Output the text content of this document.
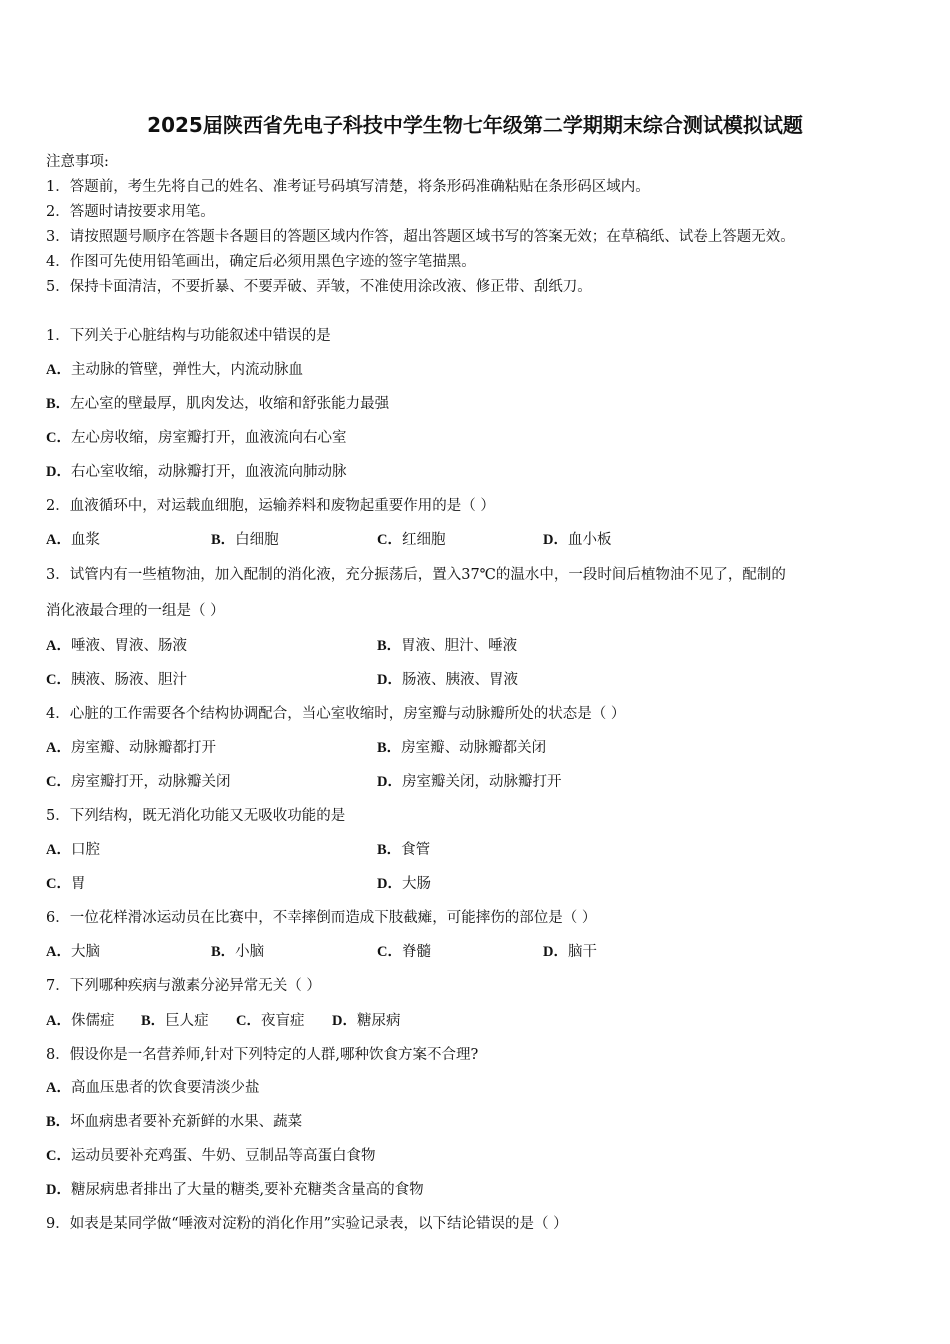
2025届陕西省先电子科技中学生物七年级第二学期期末综合测试模拟试题
注意事项:
1．答题前，考生先将自己的姓名、准考证号码填写清楚，将条形码准确粘贴在条形码区域内。
2．答题时请按要求用笔。
3．请按照题号顺序在答题卡各题目的答题区域内作答，超出答题区域书写的答案无效；在草稿纸、试卷上答题无效。
4．作图可先使用铅笔画出，确定后必须用黑色字迹的签字笔描黑。
5．保持卡面清洁，不要折暴、不要弄破、弄皱，不准使用涂改液、修正带、刮纸刀。
1．下列关于心脏结构与功能叙述中错误的是
A．主动脉的管壁，弹性大，内流动脉血
B．左心室的壁最厚，肌肉发达，收缩和舒张能力最强
C．左心房收缩，房室瓣打开，血液流向右心室
D．右心室收缩，动脉瓣打开，血液流向肺动脉
2．血液循环中，对运载血细胞，运输养料和废物起重要作用的是（ ）
A．血浆	B．白细胞	C．红细胞	D．血小板
3．试管内有一些植物油，加入配制的消化液，充分振荡后，置入37℃的温水中，一段时间后植物油不见了，配制的
消化液最合理的一组是（ ）
A．唾液、胃液、肠液	B．胃液、胆汁、唾液
C．胰液、肠液、胆汁	D．肠液、胰液、胃液
4．心脏的工作需要各个结构协调配合，当心室收缩时，房室瓣与动脉瓣所处的状态是（ ）
A．房室瓣、动脉瓣都打开	B．房室瓣、动脉瓣都关闭
C．房室瓣打开，动脉瓣关闭	D．房室瓣关闭，动脉瓣打开
5．下列结构，既无消化功能又无吸收功能的是
A．口腔	B．食管
C．胃	D．大肠
6．一位花样滑冰运动员在比赛中，不幸摔倒而造成下肢截瘫，可能摔伤的部位是（ ）
A．大脑	B．小脑	C．脊髓	D．脑干
7．下列哪种疾病与激素分泌异常无关（ ）
A．侏儒症 B．巨人症 C．夜盲症 D．糖尿病
8．假设你是一名营养师,针对下列特定的人群,哪种饮食方案不合理?
A．高血压患者的饮食要清淡少盐
B．坏血病患者要补充新鲜的水果、蔬菜
C．运动员要补充鸡蛋、牛奶、豆制品等高蛋白食物
D．糖尿病患者排出了大量的糖类,要补充糖类含量高的食物
9．如表是某同学做“唾液对淀粉的消化作用”实验记录表，以下结论错误的是（ ）
